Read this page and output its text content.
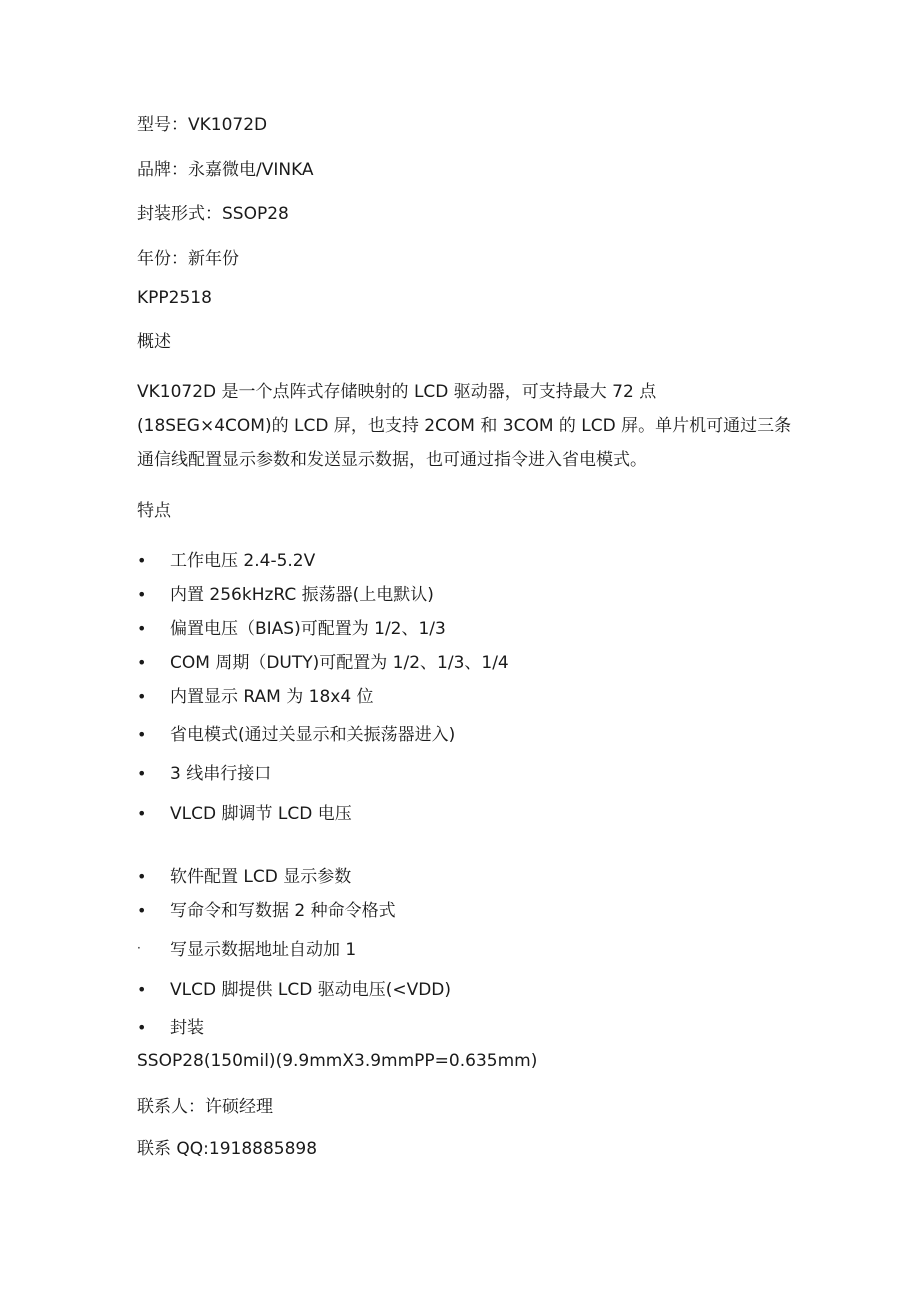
型号：VK1072D

品牌：永嘉微电/VINKA

封装形式：SSOP28

年份：新年份

KPP2518

概述

VK1072D 是一个点阵式存储映射的 LCD 驱动器，可支持最大 72 点
(18SEG×4COM)的 LCD 屏，也支持 2COM 和 3COM 的 LCD 屏。单片机可通过三条
通信线配置显示参数和发送显示数据，也可通过指令进入省电模式。

特点

• 工作电压 2.4-5.2V
• 内置 256kHzRC 振荡器(上电默认)
• 偏置电压（BIAS)可配置为 1/2、1/3
• COM 周期（DUTY)可配置为 1/2、1/3、1/4
• 内置显示 RAM 为 18x4 位
• 省电模式(通过关显示和关振荡器进入)
• 3 线串行接口
• VLCD 脚调节 LCD 电压
• 软件配置 LCD 显示参数
• 写命令和写数据 2 种命令格式
·	写显示数据地址自动加 1
• VLCD 脚提供 LCD 驱动电压(<VDD)
• 封装

SSOP28(150mil)(9.9mmX3.9mmPP=0.635mm)

联系人：许硕经理

联系 QQ:1918885898
